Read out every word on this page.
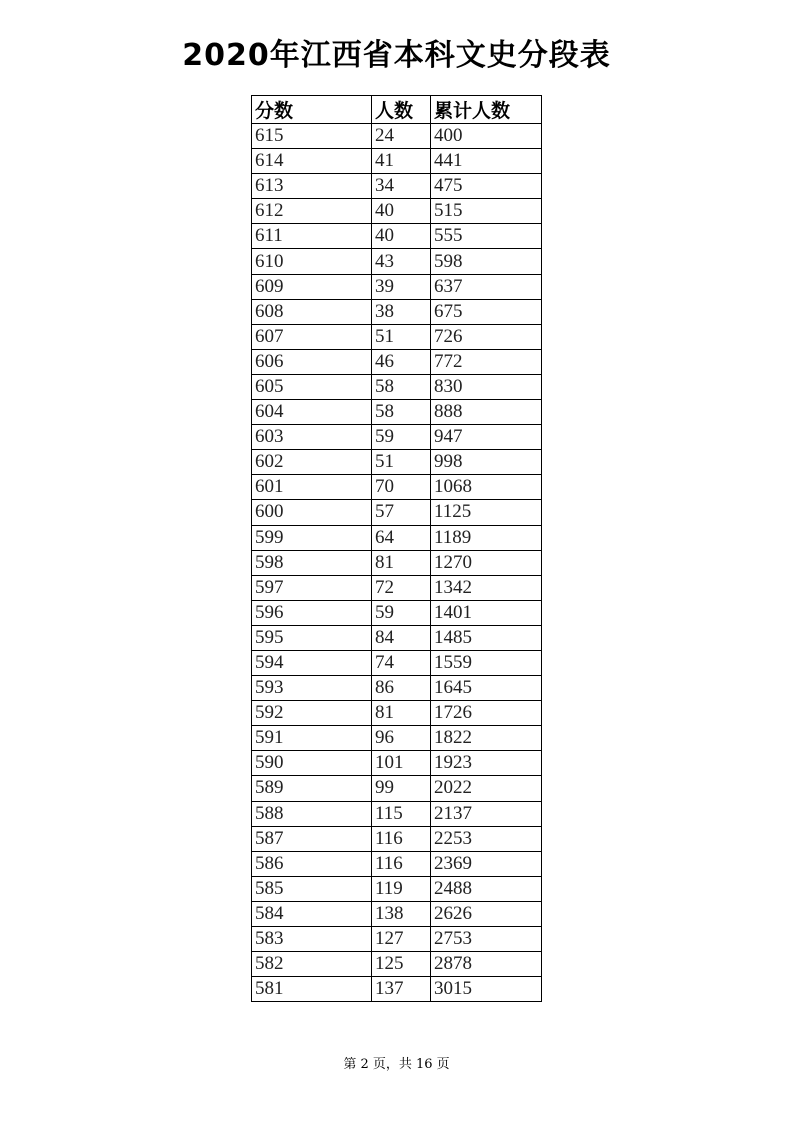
2020年江西省本科文史分段表
分数	人数	累计人数
615	24	400
614	41	441
613	34	475
612	40	515
611	40	555
610	43	598
609	39	637
608	38	675
607	51	726
606	46	772
605	58	830
604	58	888
603	59	947
602	51	998
601	70	1068
600	57	1125
599	64	1189
598	81	1270
597	72	1342
596	59	1401
595	84	1485
594	74	1559
593	86	1645
592	81	1726
591	96	1822
590	101	1923
589	99	2022
588	115	2137
587	116	2253
586	116	2369
585	119	2488
584	138	2626
583	127	2753
582	125	2878
581	137	3015
第 2 页，共 16 页
